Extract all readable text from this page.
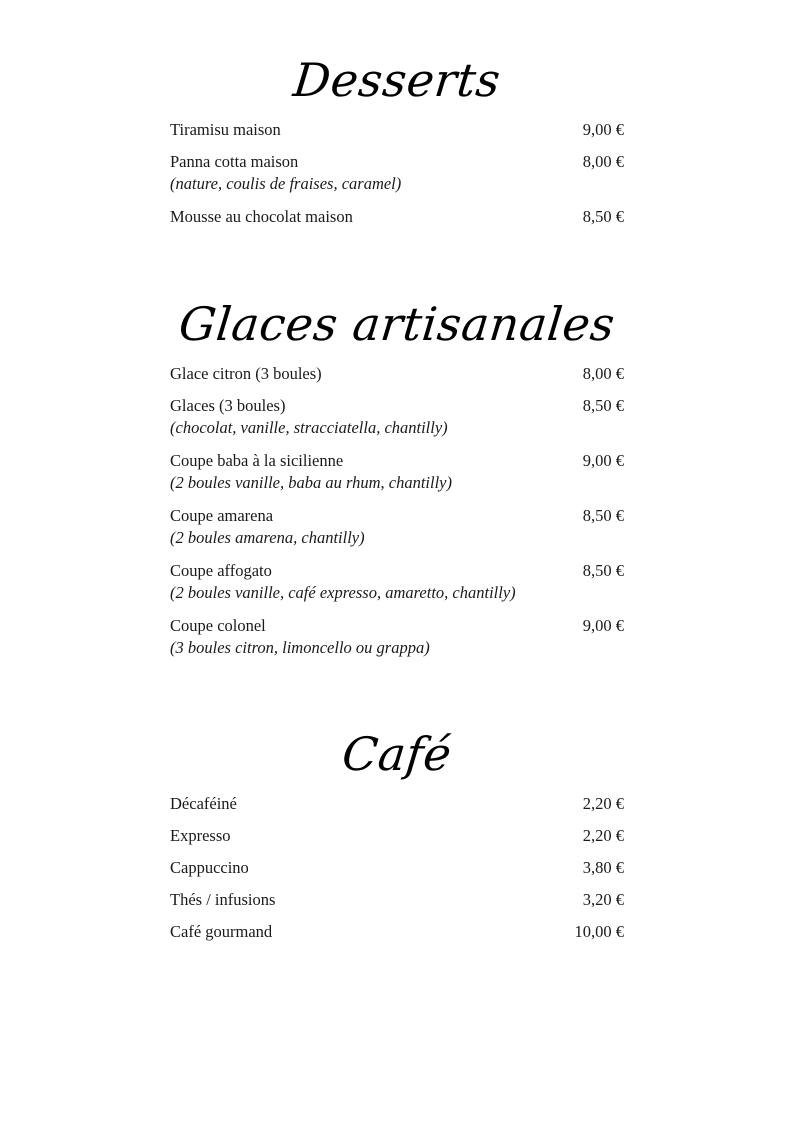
Desserts
Tiramisu maison	9,00 €
Panna cotta maison	8,00 €
(nature, coulis de fraises, caramel)
Mousse au chocolat maison	8,50 €
Glaces artisanales
Glace citron (3 boules)	8,00 €
Glaces (3 boules)	8,50 €
(chocolat, vanille, stracciatella, chantilly)
Coupe baba à la sicilienne	9,00 €
(2 boules vanille, baba au rhum, chantilly)
Coupe amarena	8,50 €
(2 boules amarena, chantilly)
Coupe affogato	8,50 €
(2 boules vanille, café expresso, amaretto, chantilly)
Coupe colonel	9,00 €
(3 boules citron, limoncello ou grappa)
Café
Décaféiné	2,20 €
Expresso	2,20 €
Cappuccino	3,80 €
Thés / infusions	3,20 €
Café gourmand	10,00 €
